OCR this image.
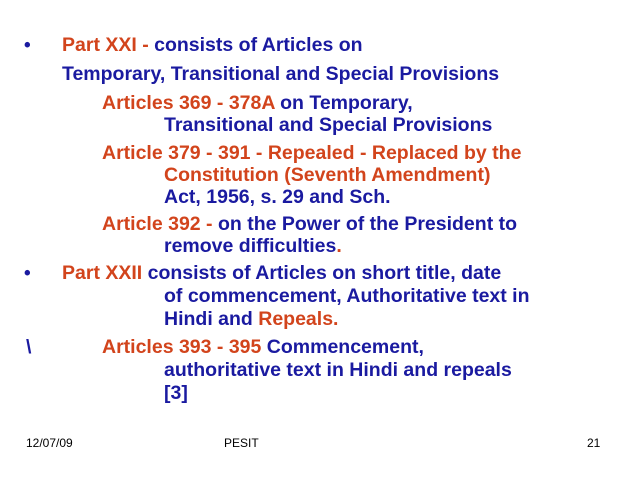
• Part XXI - consists of Articles on
Temporary, Transitional and Special Provisions
Articles 369 - 378A on Temporary,
Transitional and Special Provisions
Article 379 - 391 - Repealed - Replaced by the
Constitution (Seventh Amendment)
Act, 1956, s. 29 and Sch.
Article 392 - on the Power of the President to
remove difficulties.
• Part XXII consists of Articles on short title, date
of commencement, Authoritative text in
Hindi and Repeals.
\	Articles 393 - 395 Commencement,
authoritative text in Hindi and repeals
[3]
12/07/09	PESIT	21
